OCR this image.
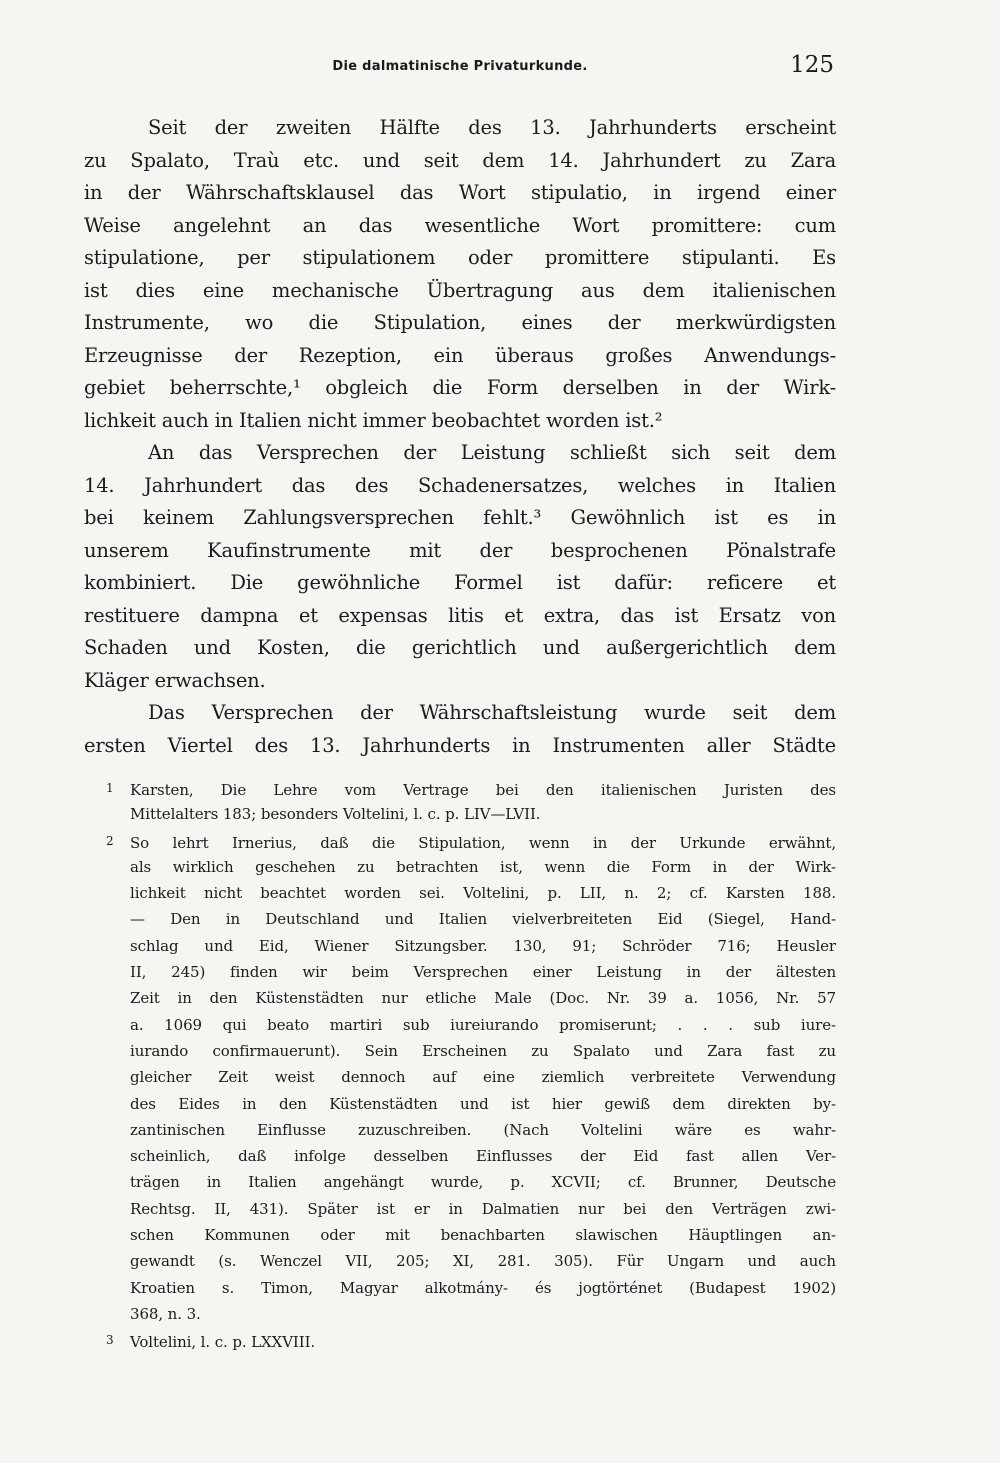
Die dalmatinische Privaturkunde.	125
Seit der zweiten Hälfte des 13. Jahrhunderts erscheint
zu Spalato, Traù etc. und seit dem 14. Jahrhundert zu Zara
in der Währschaftsklausel das Wort stipulatio, in irgend einer
Weise angelehnt an das wesentliche Wort promittere: cum
stipulatione, per stipulationem oder promittere stipulanti. Es
ist dies eine mechanische Übertragung aus dem italienischen
Instrumente, wo die Stipulation, eines der merkwürdigsten
Erzeugnisse der Rezeption, ein überaus großes Anwendungs-
gebiet beherrschte,¹ obgleich die Form derselben in der Wirk-
lichkeit auch in Italien nicht immer beobachtet worden ist.²
An das Versprechen der Leistung schließt sich seit dem
14. Jahrhundert das des Schadenersatzes, welches in Italien
bei keinem Zahlungsversprechen fehlt.³ Gewöhnlich ist es in
unserem Kaufinstrumente mit der besprochenen Pönalstrafe
kombiniert. Die gewöhnliche Formel ist dafür: reficere et
restituere dampna et expensas litis et extra, das ist Ersatz von
Schaden und Kosten, die gerichtlich und außergerichtlich dem
Kläger erwachsen.
Das Versprechen der Währschaftsleistung wurde seit dem
ersten Viertel des 13. Jahrhunderts in Instrumenten aller Städte
1 Karsten, Die Lehre vom Vertrage bei den italienischen Juristen des
Mittelalters 183; besonders Voltelini, l. c. p. LIV—LVII.
2 So lehrt Irnerius, daß die Stipulation, wenn in der Urkunde erwähnt,
als wirklich geschehen zu betrachten ist, wenn die Form in der Wirk-
lichkeit nicht beachtet worden sei. Voltelini, p. LII, n. 2; cf. Karsten 188.
— Den in Deutschland und Italien vielverbreiteten Eid (Siegel, Hand-
schlag und Eid, Wiener Sitzungsber. 130, 91; Schröder 716; Heusler
II, 245) finden wir beim Versprechen einer Leistung in der ältesten
Zeit in den Küstenstädten nur etliche Male (Doc. Nr. 39 a. 1056, Nr. 57
a. 1069 qui beato martiri sub iureiurando promiserunt; . . . sub iure-
iurando confirmauerunt). Sein Erscheinen zu Spalato und Zara fast zu
gleicher Zeit weist dennoch auf eine ziemlich verbreitete Verwendung
des Eides in den Küstenstädten und ist hier gewiß dem direkten by-
zantinischen Einflusse zuzuschreiben. (Nach Voltelini wäre es wahr-
scheinlich, daß infolge desselben Einflusses der Eid fast allen Ver-
trägen in Italien angehängt wurde, p. XCVII; cf. Brunner, Deutsche
Rechtsg. II, 431). Später ist er in Dalmatien nur bei den Verträgen zwi-
schen Kommunen oder mit benachbarten slawischen Häuptlingen an-
gewandt (s. Wenczel VII, 205; XI, 281. 305). Für Ungarn und auch
Kroatien s. Timon, Magyar alkotmány- és jogtörténet (Budapest 1902)
368, n. 3.
3 Voltelini, l. c. p. LXXVIII.
